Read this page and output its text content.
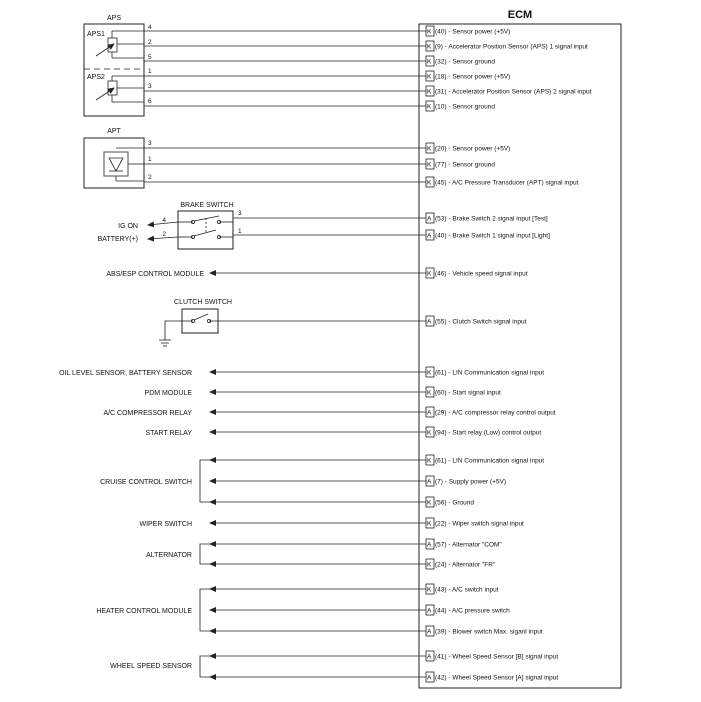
ECM
K (40) - Sensor power (+5V)
K (9) - Accelerator Position Sensor (APS) 1 signal input
K (32) - Sensor ground
K (18) - Sensor power (+5V)
K (31) - Accelerator Position Sensor (APS) 2 signal input
K (10) - Sensor ground
K (20) - Sensor power (+5V)
K (77) - Sensor ground
K (45) - A/C Pressure Transducer (APT) signal input
A (53) - Brake Switch 2 signal input [Test]
A (40) - Brake Switch 1 signal input [Light]
K (46) - Vehicle speed signal input
A (55) - Clutch Switch signal input
K (61) - LIN Communication signal input
K (60) - Start signal input
A (29) - A/C compressor relay control output
K (94) - Start relay (Low) control output
K (61) - LIN Communication signal input
A (7) - Supply power (+5V)
K (56) - Ground
K (22) - Wiper switch signal input
A (57) - Alternator "COM"
K (24) - Alternator "FR"
K (43) - A/C switch input
A (44) - A/C pressure switch
A (39) - Blower switch Max. siganl input
A (41) - Wheel Speed Sensor [B] signal input
A (42) - Wheel Speed Sensor [A] signal input
APS
APS1
APS2
4
2
5
1
3
6
APT
3
1
2
BRAKE SWITCH
4
2
IG ON
BATTERY(+)
3
1
ABS/ESP CONTROL MODULE
CLUTCH SWITCH
OIL LEVEL SENSOR, BATTERY SENSOR
PDM MODULE
A/C COMPRESSOR RELAY
START RELAY
CRUISE CONTROL SWITCH
WIPER SWITCH
ALTERNATOR
HEATER CONTROL MODULE
WHEEL SPEED SENSOR
